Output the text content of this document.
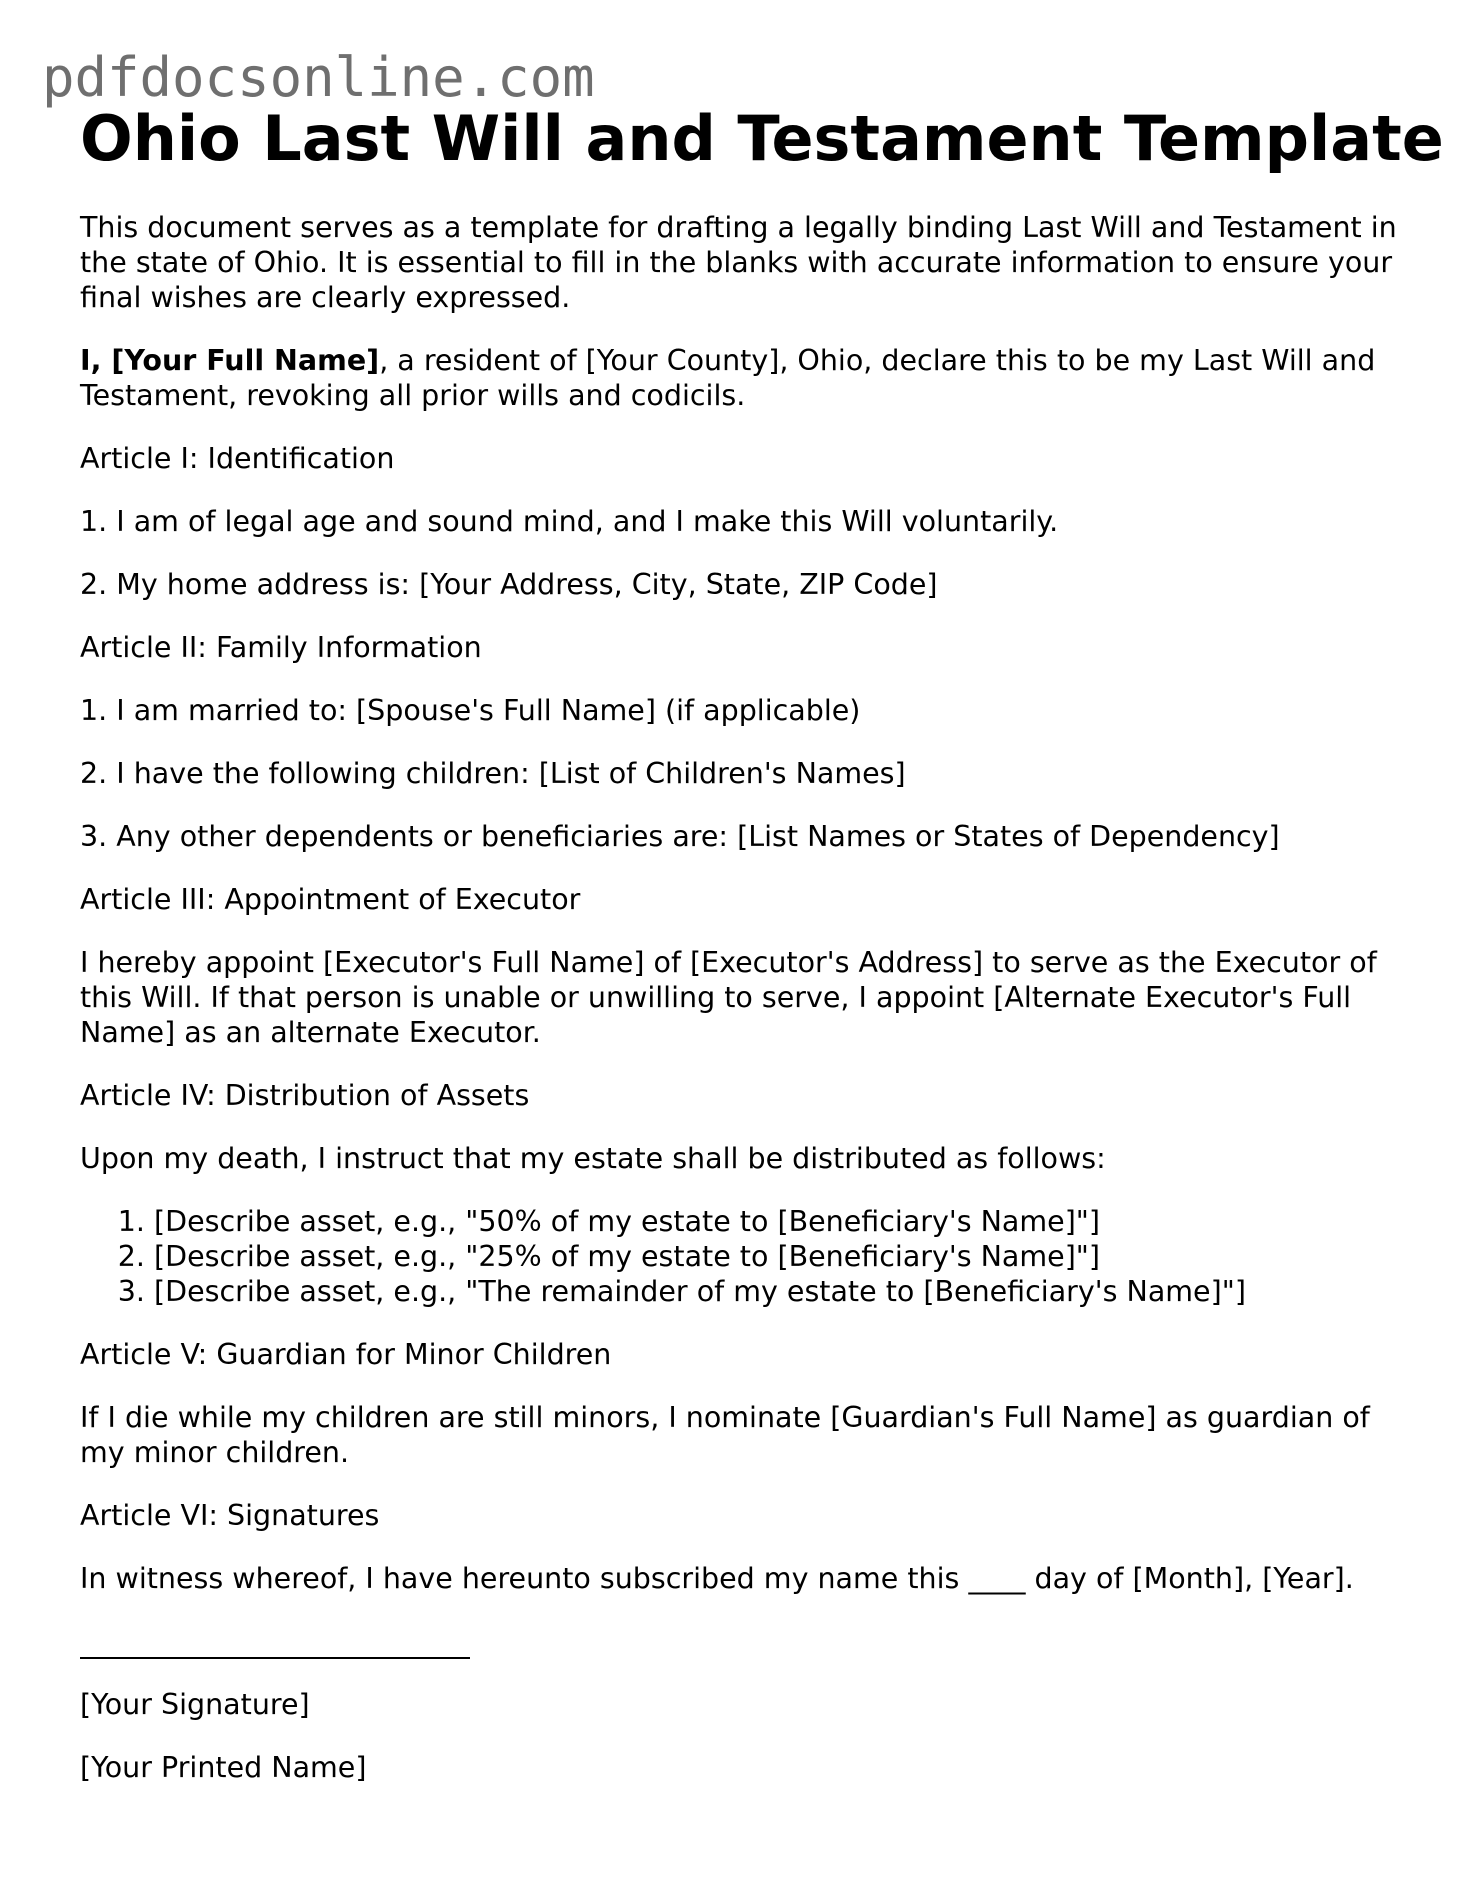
pdfdocsonline.com
Ohio Last Will and Testament Template

This document serves as a template for drafting a legally binding Last Will and Testament in the state of Ohio. It is essential to fill in the blanks with accurate information to ensure your final wishes are clearly expressed.

I, [Your Full Name], a resident of [Your County], Ohio, declare this to be my Last Will and Testament, revoking all prior wills and codicils.

Article I: Identification

1. I am of legal age and sound mind, and I make this Will voluntarily.

2. My home address is: [Your Address, City, State, ZIP Code]

Article II: Family Information

1. I am married to: [Spouse's Full Name] (if applicable)

2. I have the following children: [List of Children's Names]

3. Any other dependents or beneficiaries are: [List Names or States of Dependency]

Article III: Appointment of Executor

I hereby appoint [Executor's Full Name] of [Executor's Address] to serve as the Executor of this Will. If that person is unable or unwilling to serve, I appoint [Alternate Executor's Full Name] as an alternate Executor.

Article IV: Distribution of Assets

Upon my death, I instruct that my estate shall be distributed as follows:

1. [Describe asset, e.g., "50% of my estate to [Beneficiary's Name]"]
2. [Describe asset, e.g., "25% of my estate to [Beneficiary's Name]"]
3. [Describe asset, e.g., "The remainder of my estate to [Beneficiary's Name]"]

Article V: Guardian for Minor Children

If I die while my children are still minors, I nominate [Guardian's Full Name] as guardian of my minor children.

Article VI: Signatures

In witness whereof, I have hereunto subscribed my name this ____ day of [Month], [Year].

[Your Signature]

[Your Printed Name]
